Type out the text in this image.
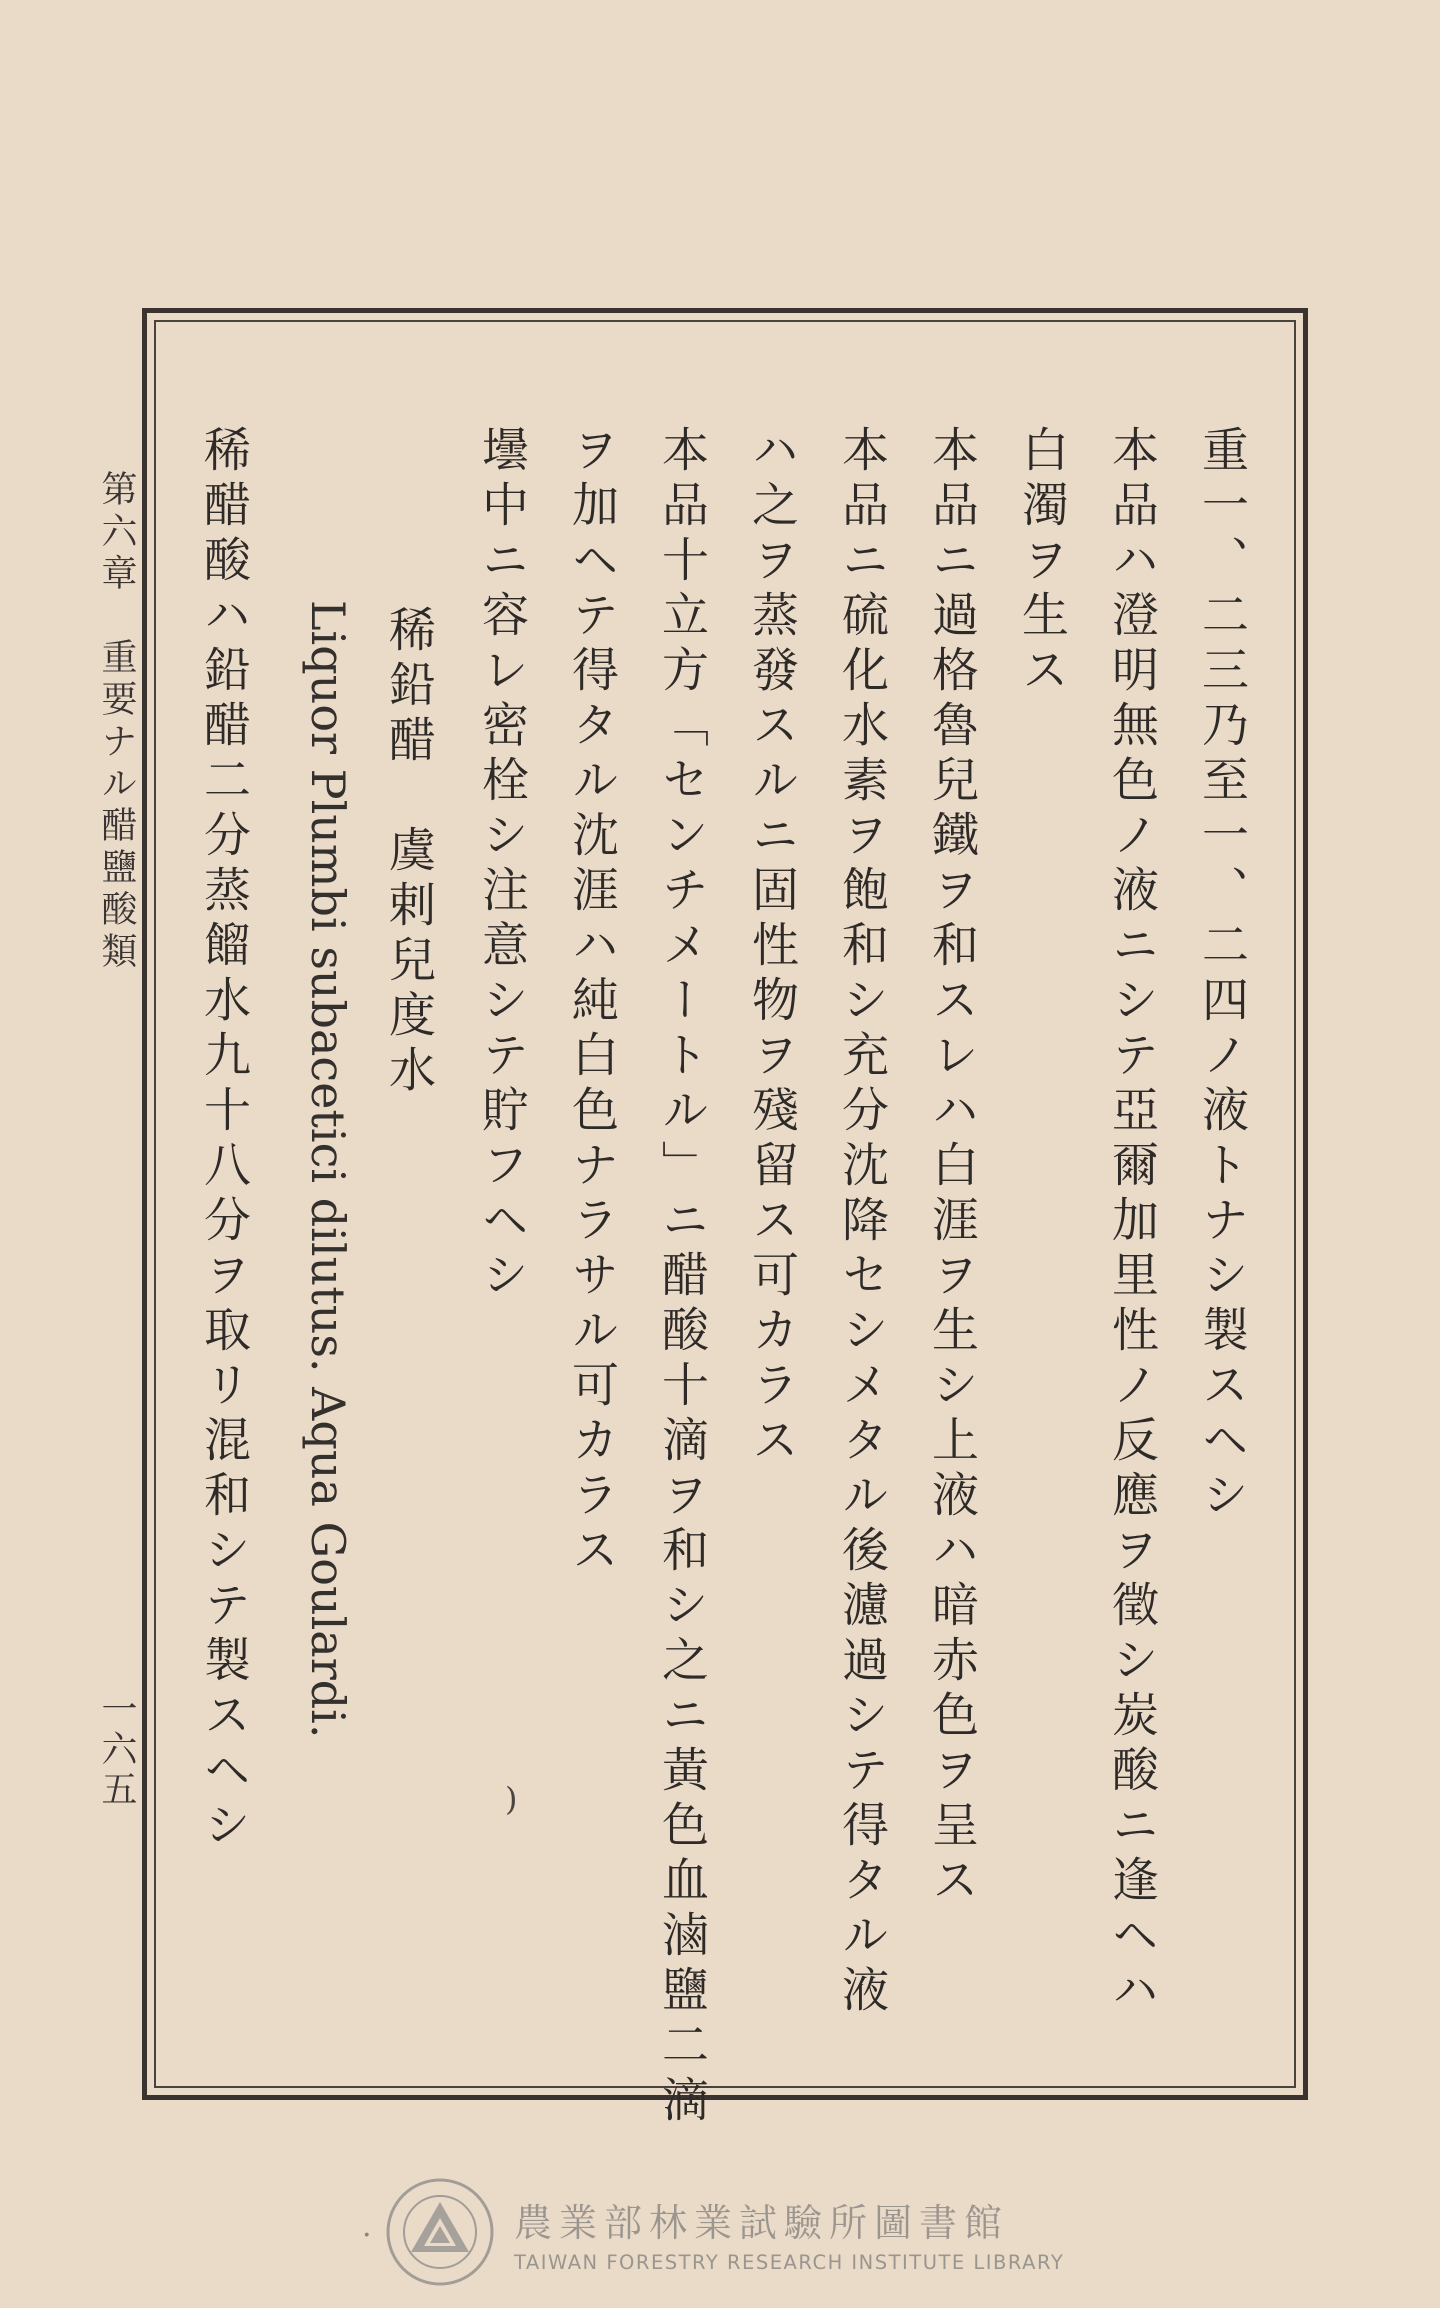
重一、二三乃至一、二四ノ液トナシ製スヘシ
本品ハ澄明無色ノ液ニシテ亞爾加里性ノ反應ヲ徵シ炭酸ニ逢ヘハ
白濁ヲ生ス
本品ニ過格魯兒鐵ヲ和スレハ白涯ヲ生シ上液ハ暗赤色ヲ呈ス
本品ニ硫化水素ヲ飽和シ充分沈降セシメタル後濾過シテ得タル液
ハ之ヲ蒸發スルニ固性物ヲ殘留ス可カラス
本品十立方「センチメートル」ニ醋酸十滴ヲ和シ之ニ黃色血滷鹽二滴
ヲ加ヘテ得タル沈涯ハ純白色ナラサル可カラス
壜中ニ容レ密栓シ注意シテ貯フヘシ
稀鉛醋　虞剌兒度水
Liquor Plumbi subacetici dilutus. Aqua Goulardi.
稀醋酸ハ鉛醋二分蒸餾水九十八分ヲ取リ混和シテ製スヘシ	)
第六章　重要ナル醋鹽酸類
一六五
·	農業部林業試驗所圖書館
TAIWAN FORESTRY RESEARCH INSTITUTE LIBRARY
